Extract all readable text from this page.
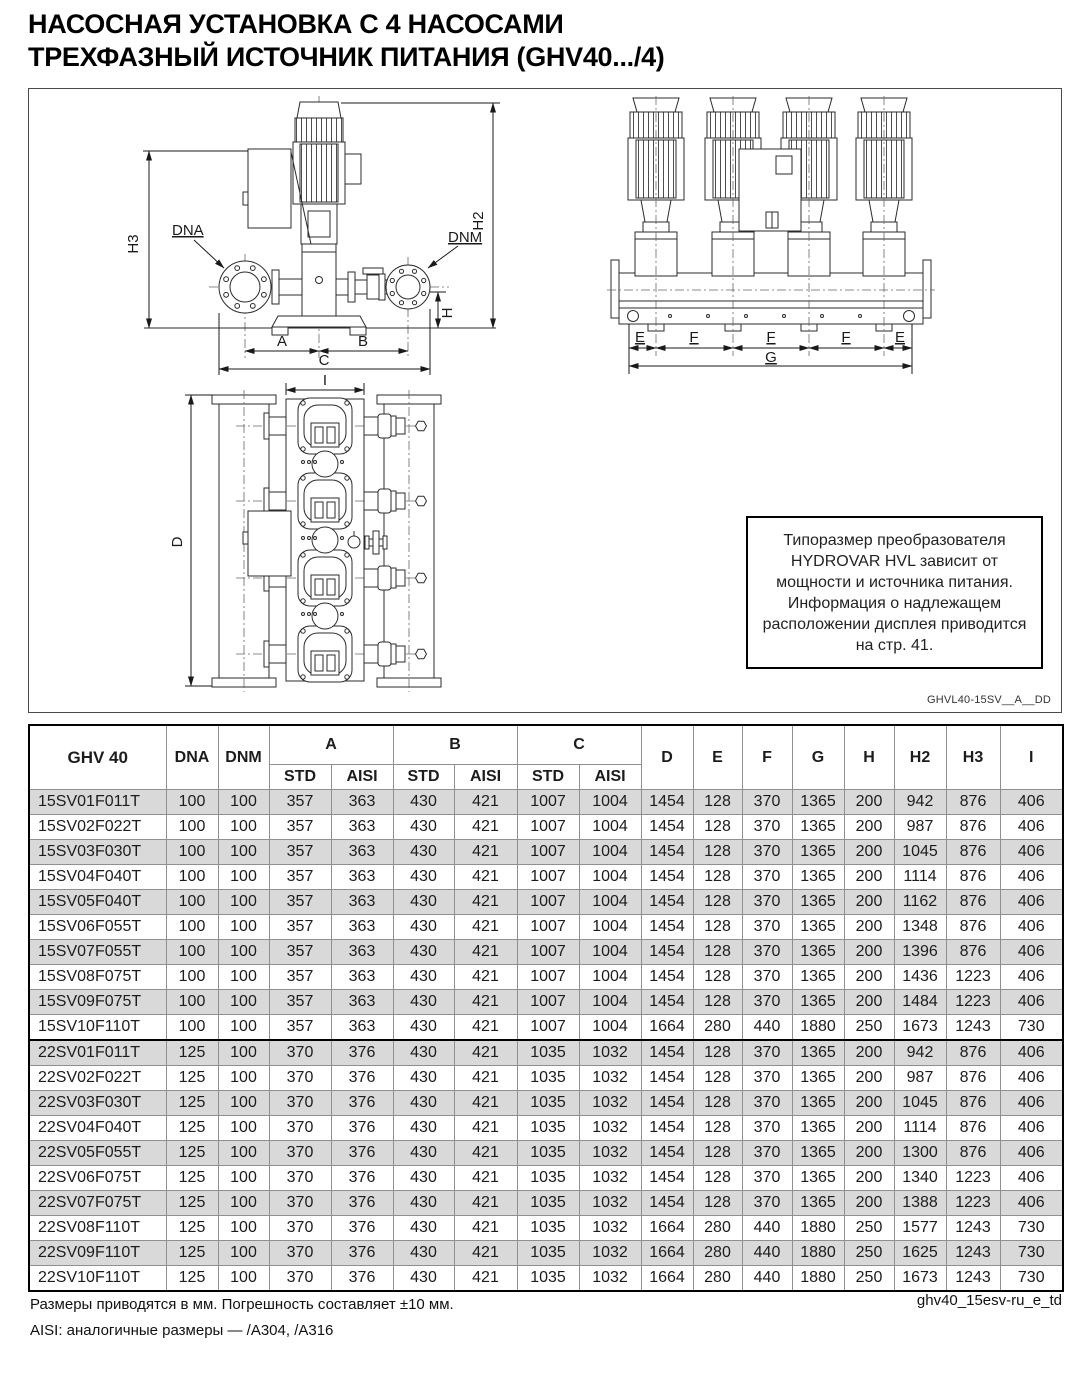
НАСОСНАЯ УСТАНОВКА С 4 НАСОСАМИ
ТРЕХФАЗНЫЙ ИСТОЧНИК ПИТАНИЯ (GHV40.../4)
H3
H2
H
A	B
C
DNA	DNM
E	F	F	F	E
G
D
I
Типоразмер преобразователя HYDROVAR HVL зависит от мощности и источника питания. Информация о надлежащем расположении дисплея приводится на стр. 41.
GHVL40-15SV__A__DD
GHV 40	DNA	DNM	A		B		C		D	E	F	G	H	H2	H3	I
			STD	AISI	STD	AISI	STD	AISI								
15SV01F011T	100	100	357	363	430	421	1007	1004	1454	128	370	1365	200	942	876	406
15SV02F022T	100	100	357	363	430	421	1007	1004	1454	128	370	1365	200	987	876	406
15SV03F030T	100	100	357	363	430	421	1007	1004	1454	128	370	1365	200	1045	876	406
15SV04F040T	100	100	357	363	430	421	1007	1004	1454	128	370	1365	200	1114	876	406
15SV05F040T	100	100	357	363	430	421	1007	1004	1454	128	370	1365	200	1162	876	406
15SV06F055T	100	100	357	363	430	421	1007	1004	1454	128	370	1365	200	1348	876	406
15SV07F055T	100	100	357	363	430	421	1007	1004	1454	128	370	1365	200	1396	876	406
15SV08F075T	100	100	357	363	430	421	1007	1004	1454	128	370	1365	200	1436	1223	406
15SV09F075T	100	100	357	363	430	421	1007	1004	1454	128	370	1365	200	1484	1223	406
15SV10F110T	100	100	357	363	430	421	1007	1004	1664	280	440	1880	250	1673	1243	730
22SV01F011T	125	100	370	376	430	421	1035	1032	1454	128	370	1365	200	942	876	406
22SV02F022T	125	100	370	376	430	421	1035	1032	1454	128	370	1365	200	987	876	406
22SV03F030T	125	100	370	376	430	421	1035	1032	1454	128	370	1365	200	1045	876	406
22SV04F040T	125	100	370	376	430	421	1035	1032	1454	128	370	1365	200	1114	876	406
22SV05F055T	125	100	370	376	430	421	1035	1032	1454	128	370	1365	200	1300	876	406
22SV06F075T	125	100	370	376	430	421	1035	1032	1454	128	370	1365	200	1340	1223	406
22SV07F075T	125	100	370	376	430	421	1035	1032	1454	128	370	1365	200	1388	1223	406
22SV08F110T	125	100	370	376	430	421	1035	1032	1664	280	440	1880	250	1577	1243	730
22SV09F110T	125	100	370	376	430	421	1035	1032	1664	280	440	1880	250	1625	1243	730
22SV10F110T	125	100	370	376	430	421	1035	1032	1664	280	440	1880	250	1673	1243	730
Размеры приводятся в мм. Погрешность составляет ±10 мм.
AISI: аналогичные размеры — /A304, /A316
ghv40_15esv-ru_e_td
